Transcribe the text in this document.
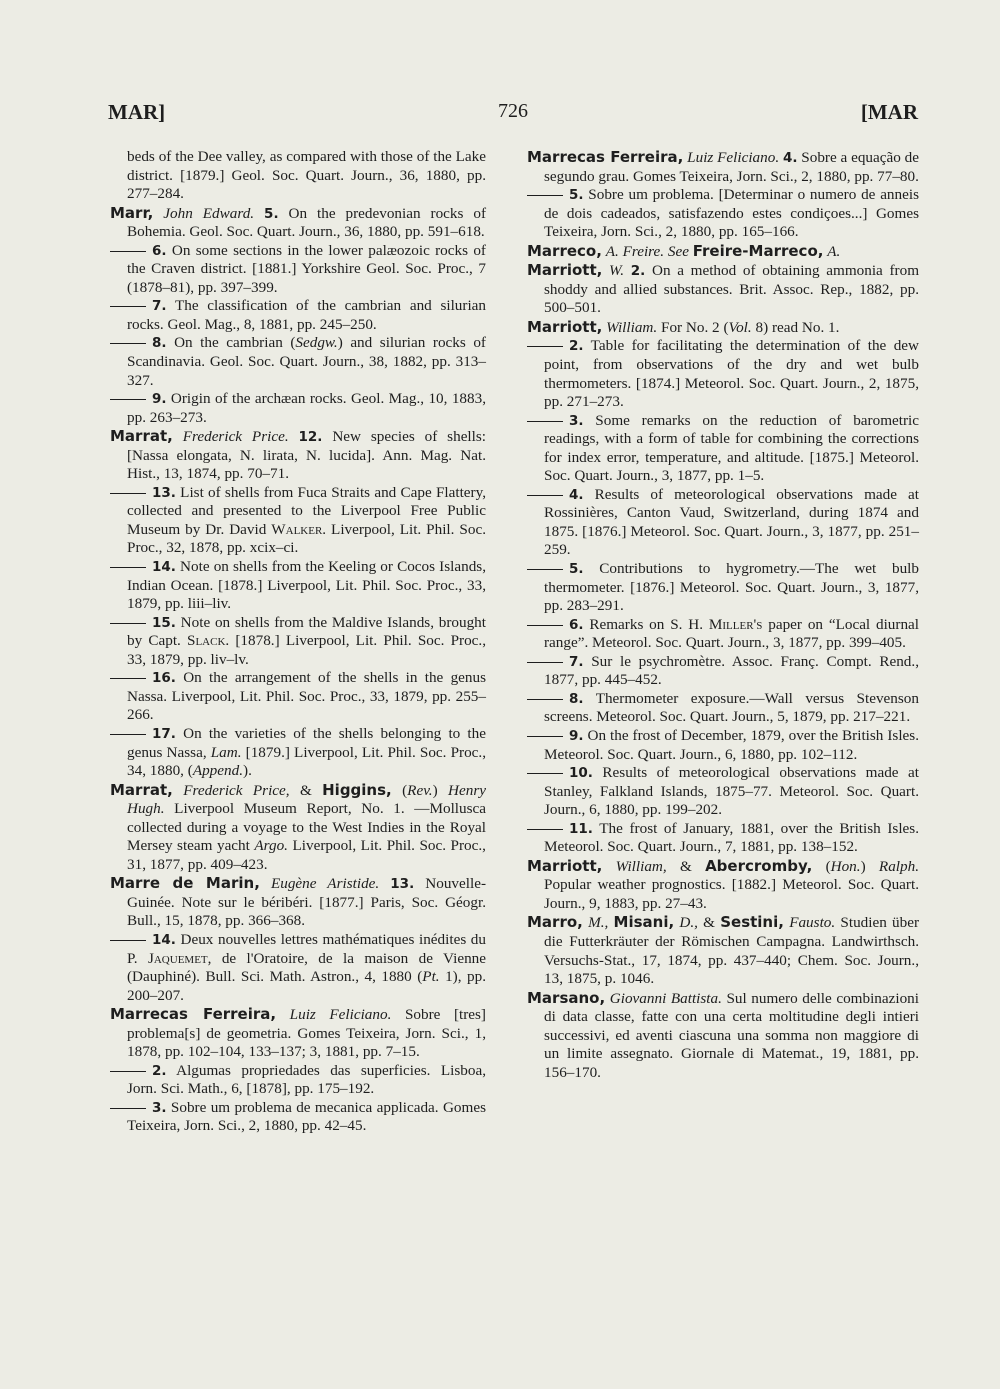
MAR]	726	[MAR

beds of the Dee valley, as compared with those of the Lake district. [1879.] Geol. Soc. Quart. Journ., 36, 1880, pp. 277–284.

Marr, John Edward. 5. On the predevonian rocks of Bohemia. Geol. Soc. Quart. Journ., 36, 1880, pp. 591–618.

6. On some sections in the lower palæozoic rocks of the Craven district. [1881.] Yorkshire Geol. Soc. Proc., 7 (1878–81), pp. 397–399.

7. The classification of the cambrian and silurian rocks. Geol. Mag., 8, 1881, pp. 245–250.

8. On the cambrian (Sedgw.) and silurian rocks of Scandinavia. Geol. Soc. Quart. Journ., 38, 1882, pp. 313–327.

9. Origin of the archæan rocks. Geol. Mag., 10, 1883, pp. 263–273.

Marrat, Frederick Price. 12. New species of shells: [Nassa elongata, N. lirata, N. lucida]. Ann. Mag. Nat. Hist., 13, 1874, pp. 70–71.

13. List of shells from Fuca Straits and Cape Flattery, collected and presented to the Liverpool Free Public Museum by Dr. David Walker. Liverpool, Lit. Phil. Soc. Proc., 32, 1878, pp. xcix–ci.

14. Note on shells from the Keeling or Cocos Islands, Indian Ocean. [1878.] Liverpool, Lit. Phil. Soc. Proc., 33, 1879, pp. liii–liv.

15. Note on shells from the Maldive Islands, brought by Capt. Slack. [1878.] Liverpool, Lit. Phil. Soc. Proc., 33, 1879, pp. liv–lv.

16. On the arrangement of the shells in the genus Nassa. Liverpool, Lit. Phil. Soc. Proc., 33, 1879, pp. 255–266.

17. On the varieties of the shells belonging to the genus Nassa, Lam. [1879.] Liverpool, Lit. Phil. Soc. Proc., 34, 1880, (Append.).

Marrat, Frederick Price, & Higgins, (Rev.) Henry Hugh. Liverpool Museum Report, No. 1. —Mollusca collected during a voyage to the West Indies in the Royal Mersey steam yacht Argo. Liverpool, Lit. Phil. Soc. Proc., 31, 1877, pp. 409–423.

Marre de Marin, Eugène Aristide. 13. Nouvelle-Guinée. Note sur le béribéri. [1877.] Paris, Soc. Géogr. Bull., 15, 1878, pp. 366–368.

14. Deux nouvelles lettres mathématiques inédites du P. Jaquemet, de l'Oratoire, de la maison de Vienne (Dauphiné). Bull. Sci. Math. Astron., 4, 1880 (Pt. 1), pp. 200–207.

Marrecas Ferreira, Luiz Feliciano. Sobre [tres] problema[s] de geometria. Gomes Teixeira, Jorn. Sci., 1, 1878, pp. 102–104, 133–137; 3, 1881, pp. 7–15.

2. Algumas propriedades das superficies. Lisboa, Jorn. Sci. Math., 6, [1878], pp. 175–192.

3. Sobre um problema de mecanica applicada. Gomes Teixeira, Jorn. Sci., 2, 1880, pp. 42–45.

Marrecas Ferreira, Luiz Feliciano. 4. Sobre a equação de segundo grau. Gomes Teixeira, Jorn. Sci., 2, 1880, pp. 77–80.

5. Sobre um problema. [Determinar o numero de anneis de dois cadeados, satisfazendo estes condiçoes...] Gomes Teixeira, Jorn. Sci., 2, 1880, pp. 165–166.

Marreco, A. Freire. See Freire-Marreco, A.

Marriott, W. 2. On a method of obtaining ammonia from shoddy and allied substances. Brit. Assoc. Rep., 1882, pp. 500–501.

Marriott, William. For No. 2 (Vol. 8) read No. 1.

2. Table for facilitating the determination of the dew point, from observations of the dry and wet bulb thermometers. [1874.] Meteorol. Soc. Quart. Journ., 2, 1875, pp. 271–273.

3. Some remarks on the reduction of barometric readings, with a form of table for combining the corrections for index error, temperature, and altitude. [1875.] Meteorol. Soc. Quart. Journ., 3, 1877, pp. 1–5.

4. Results of meteorological observations made at Rossinières, Canton Vaud, Switzerland, during 1874 and 1875. [1876.] Meteorol. Soc. Quart. Journ., 3, 1877, pp. 251–259.

5. Contributions to hygrometry.—The wet bulb thermometer. [1876.] Meteorol. Soc. Quart. Journ., 3, 1877, pp. 283–291.

6. Remarks on S. H. Miller's paper on “Local diurnal range”. Meteorol. Soc. Quart. Journ., 3, 1877, pp. 399–405.

7. Sur le psychromètre. Assoc. Franç. Compt. Rend., 1877, pp. 445–452.

8. Thermometer exposure.—Wall versus Stevenson screens. Meteorol. Soc. Quart. Journ., 5, 1879, pp. 217–221.

9. On the frost of December, 1879, over the British Isles. Meteorol. Soc. Quart. Journ., 6, 1880, pp. 102–112.

10. Results of meteorological observations made at Stanley, Falkland Islands, 1875–77. Meteorol. Soc. Quart. Journ., 6, 1880, pp. 199–202.

11. The frost of January, 1881, over the British Isles. Meteorol. Soc. Quart. Journ., 7, 1881, pp. 138–152.

Marriott, William, & Abercromby, (Hon.) Ralph. Popular weather prognostics. [1882.] Meteorol. Soc. Quart. Journ., 9, 1883, pp. 27–43.

Marro, M., Misani, D., & Sestini, Fausto. Studien über die Futterkräuter der Römischen Campagna. Landwirthsch. Versuchs-Stat., 17, 1874, pp. 437–440; Chem. Soc. Journ., 13, 1875, p. 1046.

Marsano, Giovanni Battista. Sul numero delle combinazioni di data classe, fatte con una certa moltitudine degli intieri successivi, ed aventi ciascuna una somma non maggiore di un limite assegnato. Giornale di Matemat., 19, 1881, pp. 156–170.
